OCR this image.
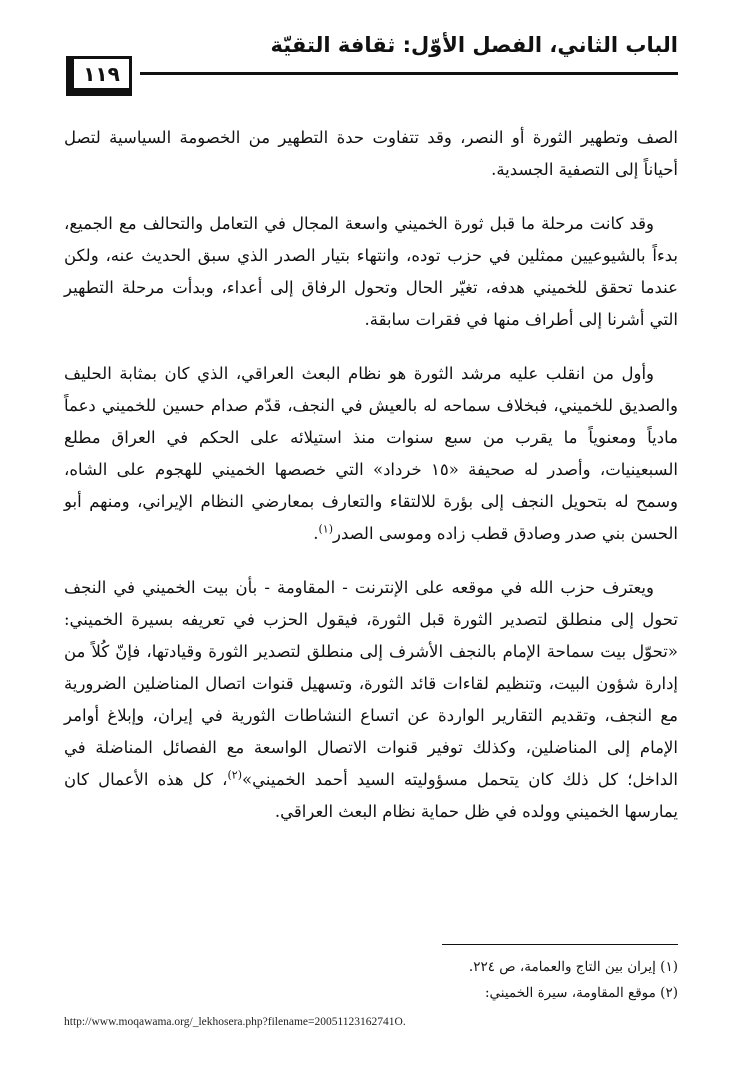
الباب الثاني، الفصل الأوّل: ثقافة التقيّة
١١٩

الصف وتطهير الثورة أو النصر، وقد تتفاوت حدة التطهير من الخصومة السياسية لتصل أحياناً إلى التصفية الجسدية.

وقد كانت مرحلة ما قبل ثورة الخميني واسعة المجال في التعامل والتحالف مع الجميع، بدءاً بالشيوعيين ممثلين في حزب توده، وانتهاء بتيار الصدر الذي سبق الحديث عنه، ولكن عندما تحقق للخميني هدفه، تغيّر الحال وتحول الرفاق إلى أعداء، وبدأت مرحلة التطهير التي أشرنا إلى أطراف منها في فقرات سابقة.

وأول من انقلب عليه مرشد الثورة هو نظام البعث العراقي، الذي كان بمثابة الحليف والصديق للخميني، فبخلاف سماحه له بالعيش في النجف، قدّم صدام حسين للخميني دعماً مادياً ومعنوياً ما يقرب من سبع سنوات منذ استيلائه على الحكم في العراق مطلع السبعينيات، وأصدر له صحيفة «١٥ خرداد» التي خصصها الخميني للهجوم على الشاه، وسمح له بتحويل النجف إلى بؤرة للالتقاء والتعارف بمعارضي النظام الإيراني، ومنهم أبو الحسن بني صدر وصادق قطب زاده وموسى الصدر$^{(١)}$.

ويعترف حزب الله في موقعه على الإنترنت - المقاومة - بأن بيت الخميني في النجف تحول إلى منطلق لتصدير الثورة قبل الثورة، فيقول الحزب في تعريفه بسيرة الخميني: «تحوّل بيت سماحة الإمام بالنجف الأشرف إلى منطلق لتصدير الثورة وقيادتها، فإنّ كُلاً من إدارة شؤون البيت، وتنظيم لقاءات قائد الثورة، وتسهيل قنوات اتصال المناضلين الضرورية مع النجف، وتقديم التقارير الواردة عن اتساع النشاطات الثورية في إيران، وإبلاغ أوامر الإمام إلى المناضلين، وكذلك توفير قنوات الاتصال الواسعة مع الفصائل المناضلة في الداخل؛ كل ذلك كان يتحمل مسؤوليته السيد أحمد الخميني»$^{(٢)}$، كل هذه الأعمال كان يمارسها الخميني وولده في ظل حماية نظام البعث العراقي.

(١) إيران بين التاج والعمامة، ص ٢٢٤.
(٢) موقع المقاومة، سيرة الخميني:
http://www.moqawama.org/_lekhosera.php?filename=20051123162741O.
